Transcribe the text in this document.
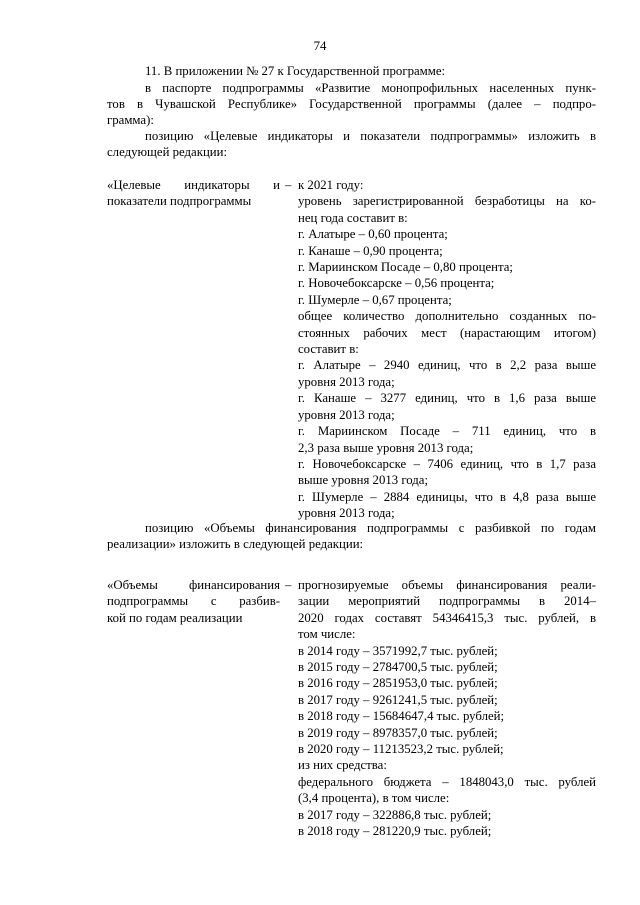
74
11. В приложении № 27 к Государственной программе:
в паспорте подпрограммы «Развитие монопрофильных населенных пунк-
тов в Чувашской Республике» Государственной программы (далее – подпро-
грамма):
позицию «Целевые индикаторы и показатели подпрограммы» изложить в
следующей редакции:
«Целевые индикаторы и
показатели подпрограммы
– к 2021 году:
уровень зарегистрированной безработицы на ко-
нец года составит в:
г. Алатыре – 0,60 процента;
г. Канаше – 0,90 процента;
г. Мариинском Посаде – 0,80 процента;
г. Новочебоксарске – 0,56 процента;
г. Шумерле – 0,67 процента;
общее количество дополнительно созданных по-
стоянных рабочих мест (нарастающим итогом)
составит в:
г. Алатыре – 2940 единиц, что в 2,2 раза выше
уровня 2013 года;
г. Канаше – 3277 единиц, что в 1,6 раза выше
уровня 2013 года;
г. Мариинском Посаде – 711 единиц, что в
2,3 раза выше уровня 2013 года;
г. Новочебоксарске – 7406 единиц, что в 1,7 раза
выше уровня 2013 года;
г. Шумерле – 2884 единицы, что в 4,8 раза выше
уровня 2013 года;
позицию «Объемы финансирования подпрограммы с разбивкой по годам
реализации» изложить в следующей редакции:
«Объемы финансирования
подпрограммы с разбив-
кой по годам реализации
– прогнозируемые объемы финансирования реали-
зации мероприятий подпрограммы в 2014–
2020 годах составят 54346415,3 тыс. рублей, в
том числе:
в 2014 году – 3571992,7 тыс. рублей;
в 2015 году – 2784700,5 тыс. рублей;
в 2016 году – 2851953,0 тыс. рублей;
в 2017 году – 9261241,5 тыс. рублей;
в 2018 году – 15684647,4 тыс. рублей;
в 2019 году – 8978357,0 тыс. рублей;
в 2020 году – 11213523,2 тыс. рублей;
из них средства:
федерального бюджета – 1848043,0 тыс. рублей
(3,4 процента), в том числе:
в 2017 году – 322886,8 тыс. рублей;
в 2018 году – 281220,9 тыс. рублей;
